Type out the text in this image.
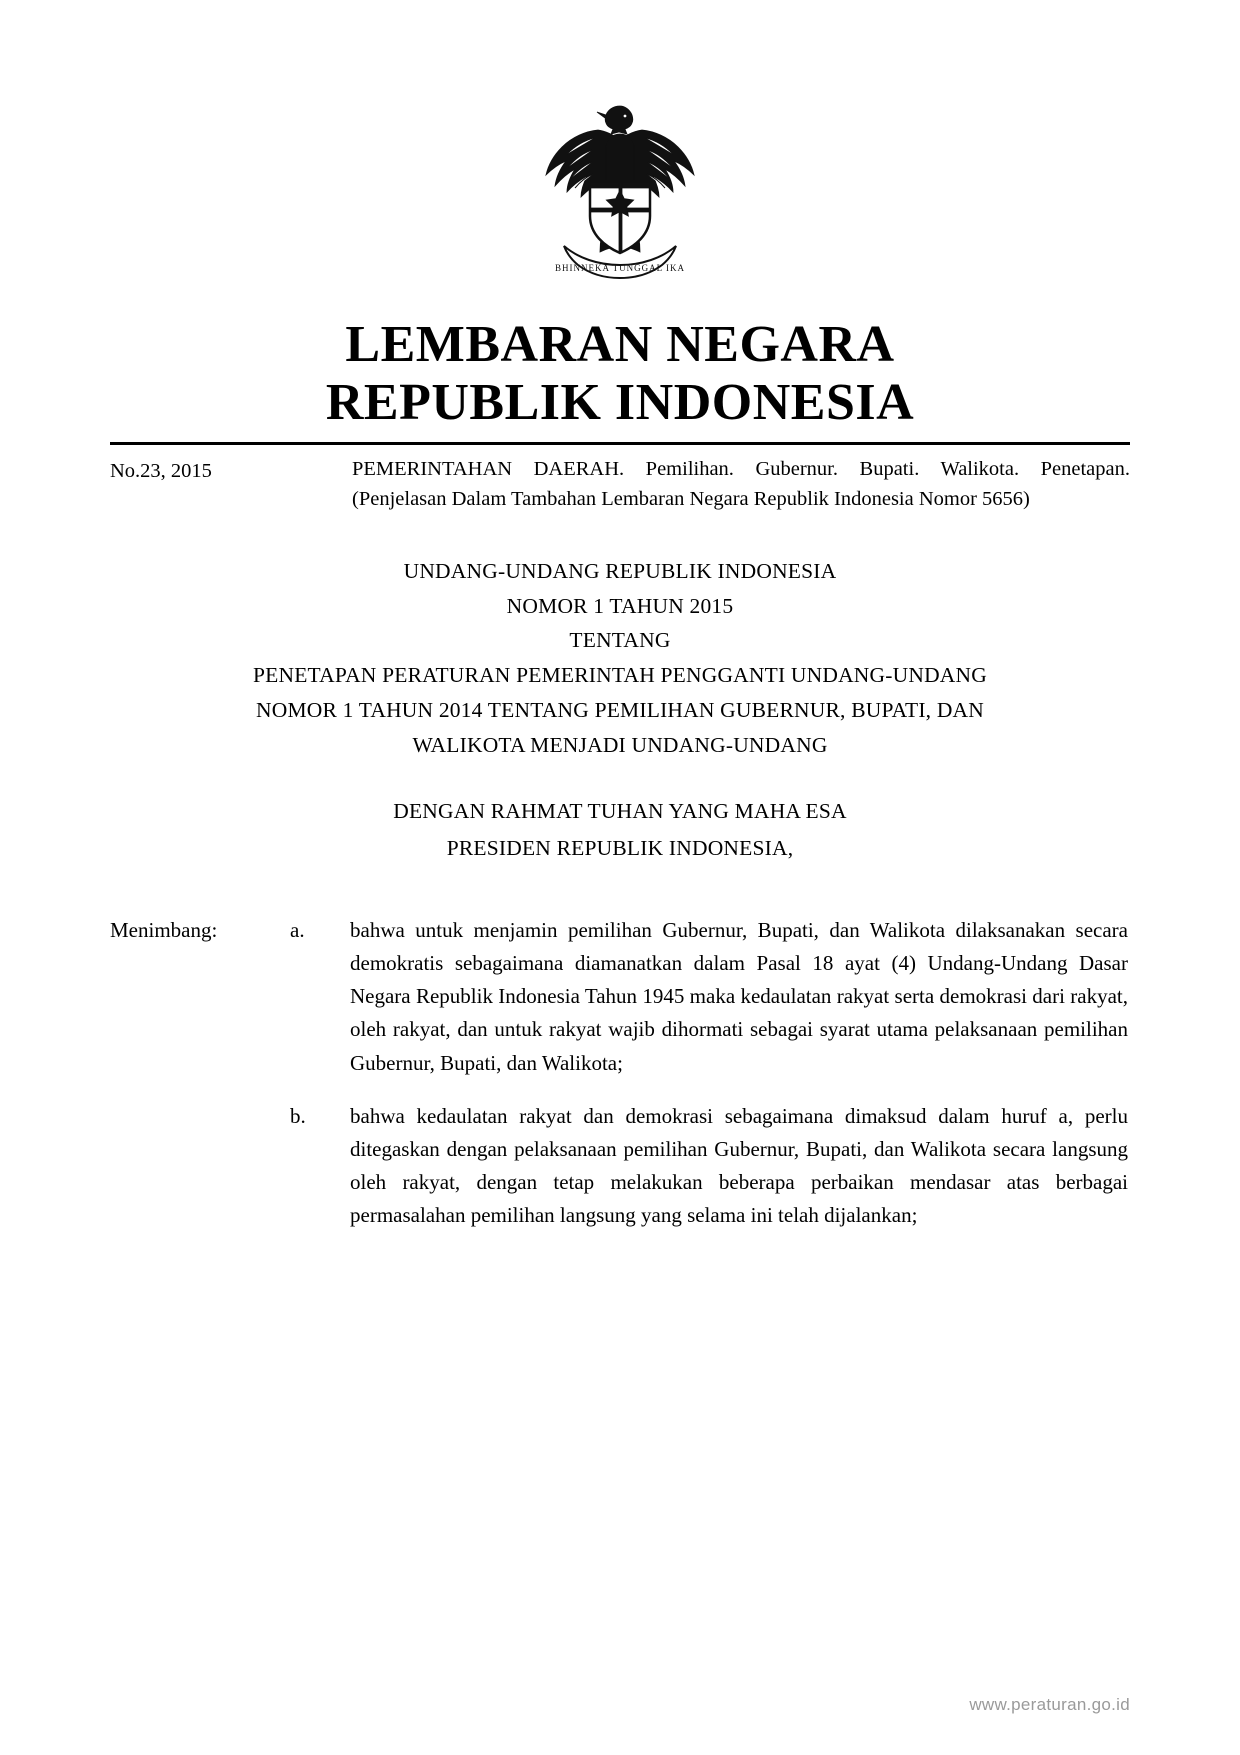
BHINNEKA TUNGGAL IKA
LEMBARAN NEGARA
REPUBLIK INDONESIA
No.23, 2015	PEMERINTAHAN DAERAH. Pemilihan. Gubernur. Bupati. Walikota. Penetapan.

(Penjelasan Dalam Tambahan Lembaran Negara Republik Indonesia Nomor 5656)

UNDANG-UNDANG REPUBLIK INDONESIA
NOMOR 1 TAHUN 2015
TENTANG
PENETAPAN PERATURAN PEMERINTAH PENGGANTI UNDANG-UNDANG
NOMOR 1 TAHUN 2014 TENTANG PEMILIHAN GUBERNUR, BUPATI, DAN
WALIKOTA MENJADI UNDANG-UNDANG
DENGAN RAHMAT TUHAN YANG MAHA ESA
PRESIDEN REPUBLIK INDONESIA,
Menimbang:	a.	bahwa untuk menjamin pemilihan Gubernur, Bupati, dan Walikota dilaksanakan secara demokratis sebagaimana diamanatkan dalam Pasal 18 ayat (4) Undang-Undang Dasar Negara Republik Indonesia Tahun 1945 maka kedaulatan rakyat serta demokrasi dari rakyat, oleh rakyat, dan untuk rakyat wajib dihormati sebagai syarat utama pelaksanaan pemilihan Gubernur, Bupati, dan Walikota;
b.	bahwa kedaulatan rakyat dan demokrasi sebagaimana dimaksud dalam huruf a, perlu ditegaskan dengan pelaksanaan pemilihan Gubernur, Bupati, dan Walikota secara langsung oleh rakyat, dengan tetap melakukan beberapa perbaikan mendasar atas berbagai permasalahan pemilihan langsung yang selama ini telah dijalankan;
www.peraturan.go.id
